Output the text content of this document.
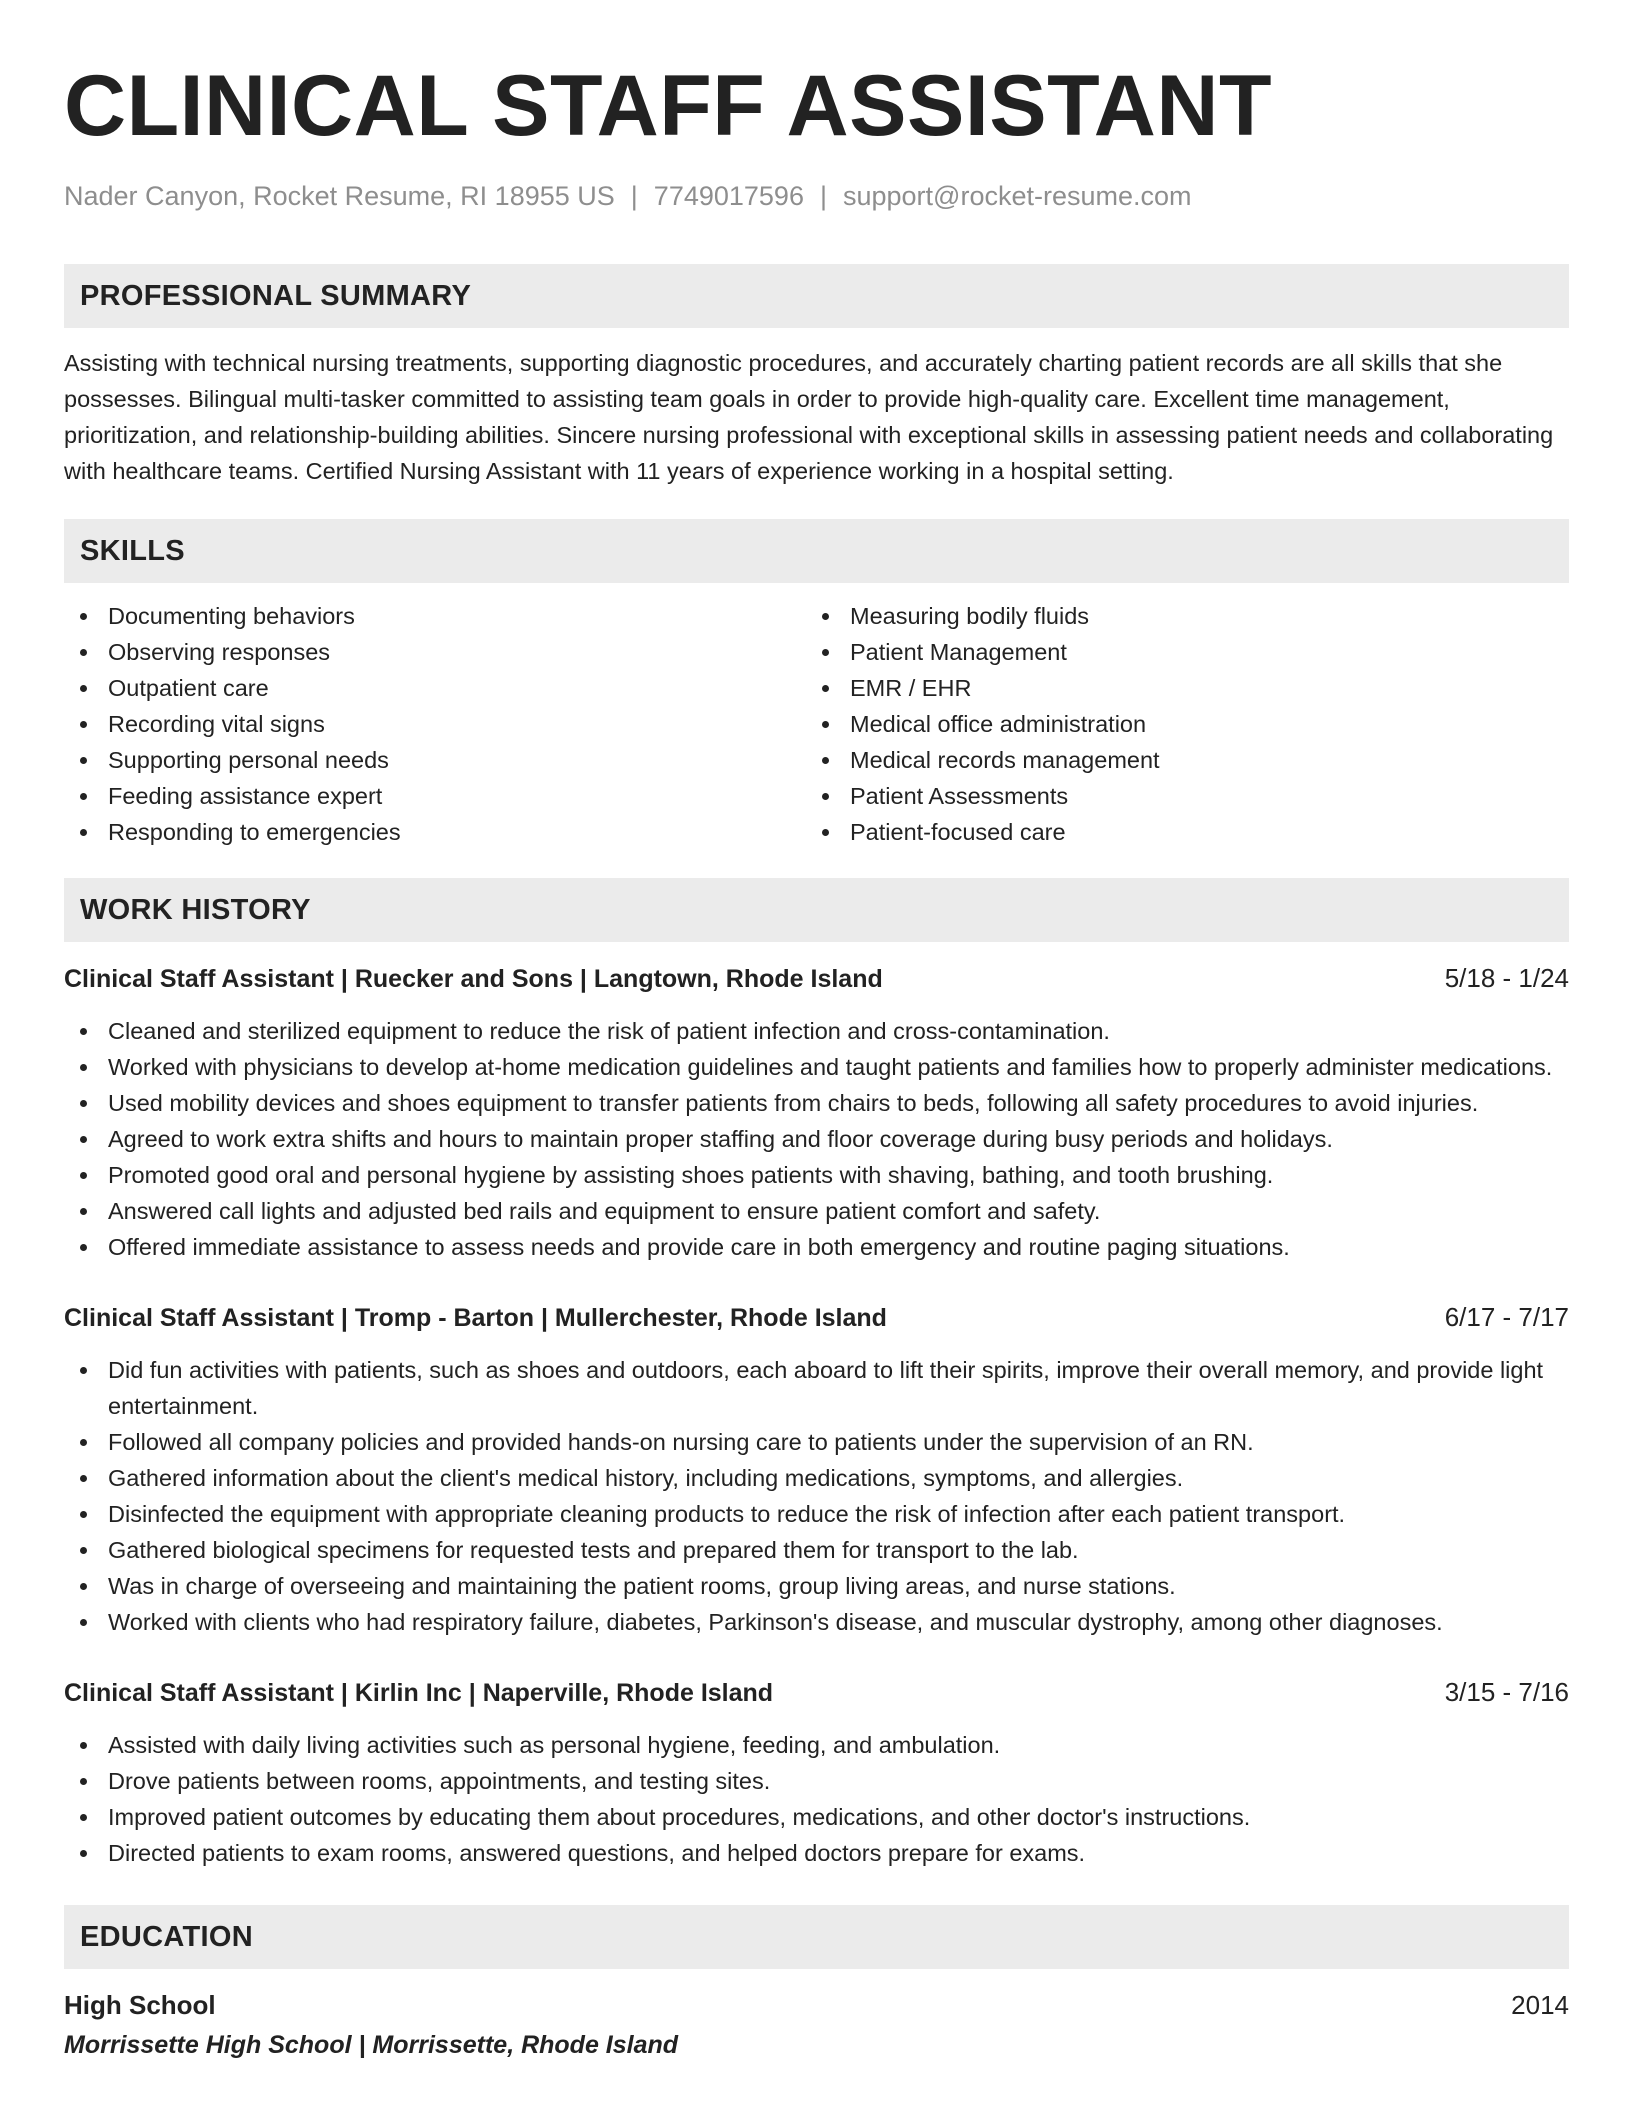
CLINICAL STAFF ASSISTANT
Nader Canyon, Rocket Resume, RI 18955 US | 7749017596 | support@rocket-resume.com
PROFESSIONAL SUMMARY

Assisting with technical nursing treatments, supporting diagnostic procedures, and accurately charting patient records are all skills that she possesses. Bilingual multi-tasker committed to assisting team goals in order to provide high-quality care. Excellent time management, prioritization, and relationship-building abilities. Sincere nursing professional with exceptional skills in assessing patient needs and collaborating with healthcare teams. Certified Nursing Assistant with 11 years of experience working in a hospital setting.

SKILLS
Documenting behaviors
Observing responses
Outpatient care
Recording vital signs
Supporting personal needs
Feeding assistance expert
Responding to emergencies
Measuring bodily fluids
Patient Management
EMR / EHR
Medical office administration
Medical records management
Patient Assessments
Patient-focused care
WORK HISTORY
Clinical Staff Assistant | Ruecker and Sons | Langtown, Rhode Island	5/18 - 1/24
Cleaned and sterilized equipment to reduce the risk of patient infection and cross-contamination.
Worked with physicians to develop at-home medication guidelines and taught patients and families how to properly administer medications.
Used mobility devices and shoes equipment to transfer patients from chairs to beds, following all safety procedures to avoid injuries.
Agreed to work extra shifts and hours to maintain proper staffing and floor coverage during busy periods and holidays.
Promoted good oral and personal hygiene by assisting shoes patients with shaving, bathing, and tooth brushing.
Answered call lights and adjusted bed rails and equipment to ensure patient comfort and safety.
Offered immediate assistance to assess needs and provide care in both emergency and routine paging situations.
Clinical Staff Assistant | Tromp - Barton | Mullerchester, Rhode Island	6/17 - 7/17
Did fun activities with patients, such as shoes and outdoors, each aboard to lift their spirits, improve their overall memory, and provide light entertainment.
Followed all company policies and provided hands-on nursing care to patients under the supervision of an RN.
Gathered information about the client's medical history, including medications, symptoms, and allergies.
Disinfected the equipment with appropriate cleaning products to reduce the risk of infection after each patient transport.
Gathered biological specimens for requested tests and prepared them for transport to the lab.
Was in charge of overseeing and maintaining the patient rooms, group living areas, and nurse stations.
Worked with clients who had respiratory failure, diabetes, Parkinson's disease, and muscular dystrophy, among other diagnoses.
Clinical Staff Assistant | Kirlin Inc | Naperville, Rhode Island	3/15 - 7/16
Assisted with daily living activities such as personal hygiene, feeding, and ambulation.
Drove patients between rooms, appointments, and testing sites.
Improved patient outcomes by educating them about procedures, medications, and other doctor's instructions.
Directed patients to exam rooms, answered questions, and helped doctors prepare for exams.
EDUCATION
High School	2014
Morrissette High School | Morrissette, Rhode Island
